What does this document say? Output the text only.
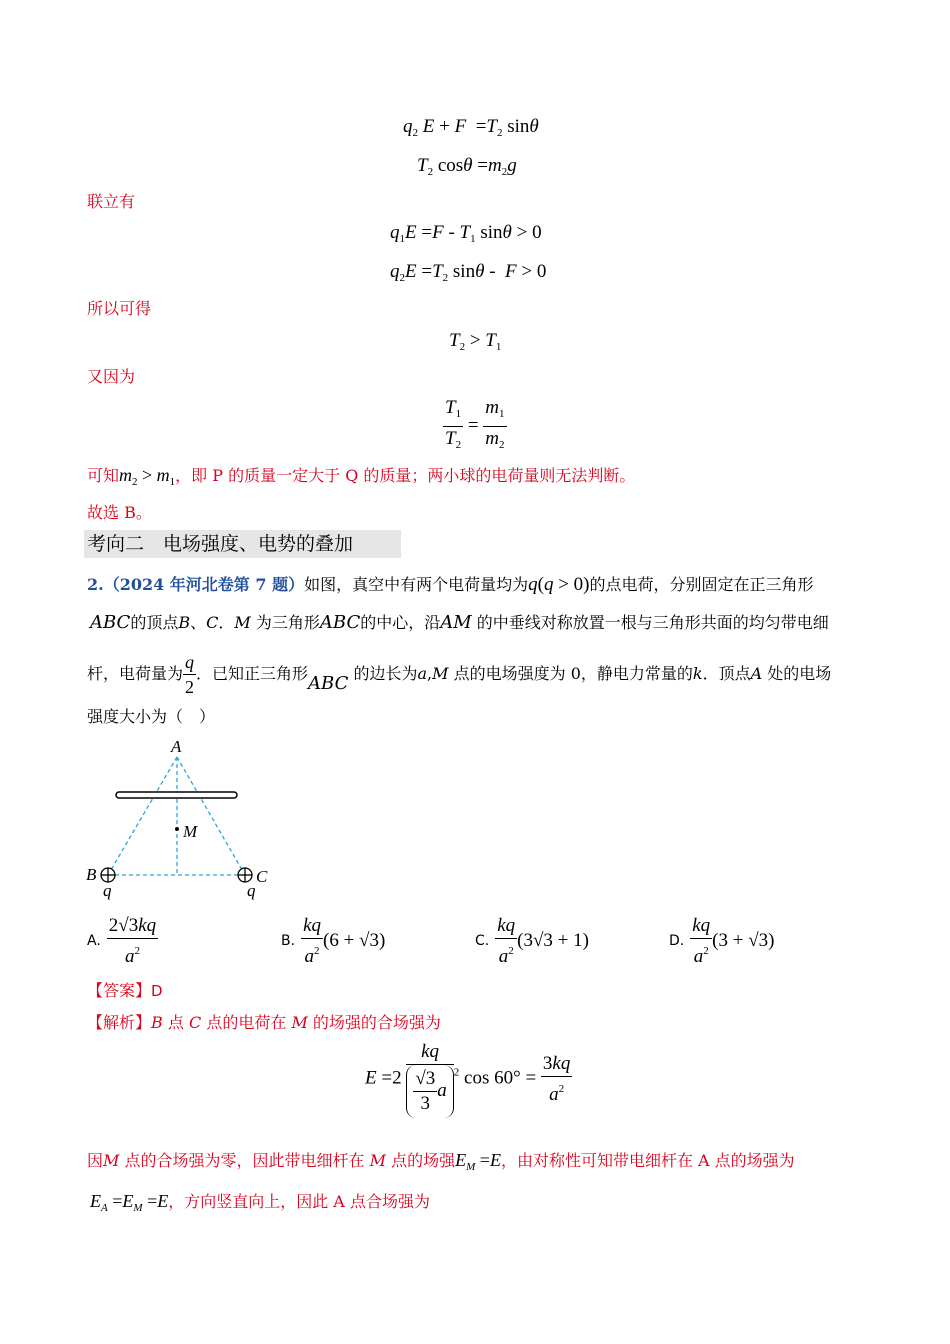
$q_2$ $E + F =T_2$ sinθ
$T_2$ $\cos\theta =m_2g$
联立有
$q_1E =F - T_1$ sinθ > 0
$q_2E =T_2$ sinθ -  F > 0
所以可得
$T_2 > T_1$
又因为
$\frac{T_1}{T_2} = \frac{m_1}{m_2}$
可知$m_2 > m_1$，即 P 的质量一定大于 Q 的质量；两小球的电荷量则无法判断。
故选 B。
考向二　电场强度、电势的叠加
2.（2024 年河北卷第 7 题）如图，真空中有两个电荷量均为q(q > 0)的点电荷，分别固定在正三角形
ABC的顶点B、C．M 为三角形ABC的中心，沿AM 的中垂线对称放置一根与三角形共面的均匀带电细
杆，电荷量为 $\frac{q}{2}$ ．已知正三角形ABC 的边长为a,M 点的电场强度为 0，静电力常量的k．顶点A 处的电场
强度大小为（　）
A
M
B	C
q	q
A. $\frac{2√3kq}{a^2}$	B. $\frac{kq}{a^2} (6 + √3)$	C. $\frac{kq}{a^2} (3√3 + 1)$	D. $\frac{kq}{a^2} (3 + √3)$
【答案】D
【解析】B 点 C 点的电荷在 M 的场强的合场强为
$E =2 \frac{kq}{\frac{√3}{3} a}^2$ $\cos 60^\circ = \frac{3kq}{a^2}$
因M 点的合场强为零，因此带电细杆在 M 点的场强$E_M =E$，由对称性可知带电细杆在 A 点的场强为
$E_A =E_M =E$，方向竖直向上，因此 A 点合场强为
